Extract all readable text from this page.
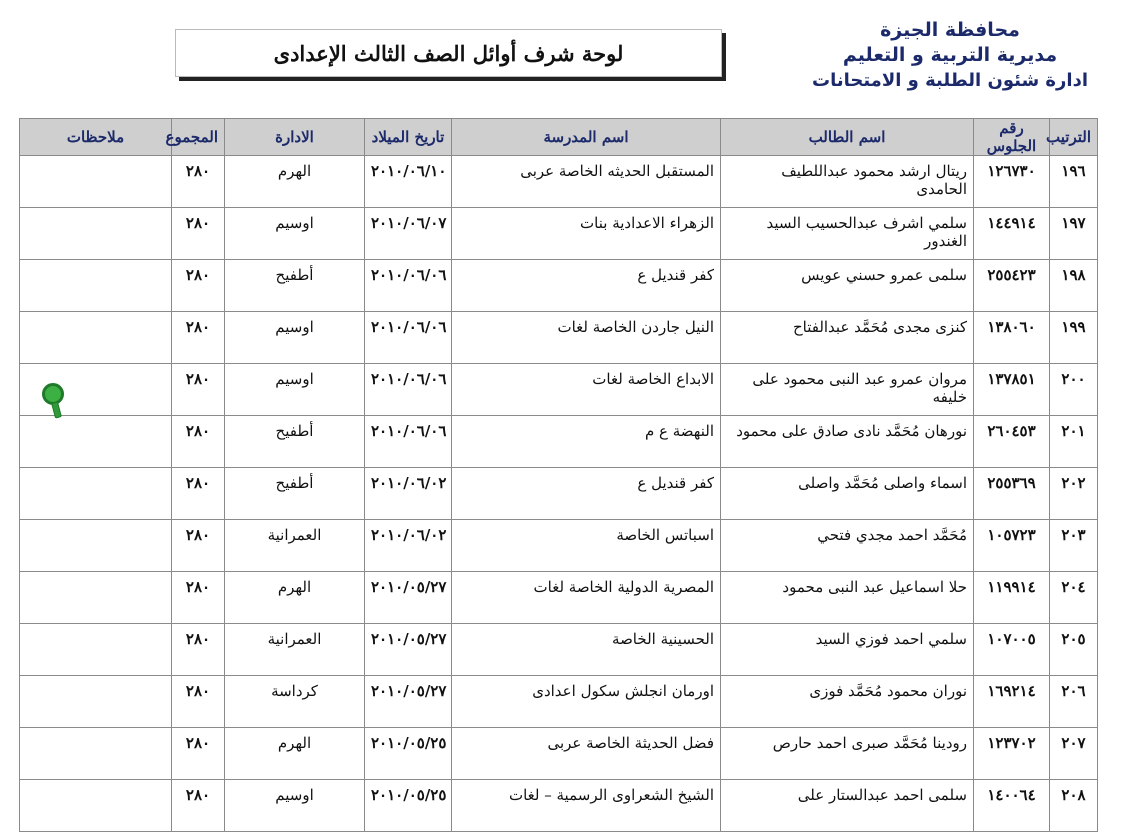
محافظة الجيزة
مديرية التربية و التعليم
ادارة شئون الطلبة و الامتحانات
لوحة شرف أوائل الصف الثالث الإعدادى
الترتيب	رقم الجلوس	اسم الطالب	اسم المدرسة	تاريخ الميلاد	الادارة	المجموع	ملاحظات
١٩٦	١٢٦٧٣٠	ريتال ارشد محمود عبداللطيف الحامدى	المستقبل الحديثه الخاصة عربى	٢٠١٠/٠٦/١٠	الهرم	٢٨٠	
١٩٧	١٤٤٩١٤	سلمي اشرف عبدالحسيب السيد الغندور	الزهراء الاعدادية بنات	٢٠١٠/٠٦/٠٧	اوسيم	٢٨٠	
١٩٨	٢٥٥٤٢٣	سلمى عمرو حسني عويس	كفر قنديل ع	٢٠١٠/٠٦/٠٦	أطفيح	٢٨٠	
١٩٩	١٣٨٠٦٠	كنزى مجدى مُحَمَّد عبدالفتاح	النيل جاردن الخاصة لغات	٢٠١٠/٠٦/٠٦	اوسيم	٢٨٠	
٢٠٠	١٣٧٨٥١	مروان عمرو عبد النبى محمود على خليفه	الابداع الخاصة لغات	٢٠١٠/٠٦/٠٦	اوسيم	٢٨٠	
٢٠١	٢٦٠٤٥٣	نورهان مُحَمَّد نادى صادق على محمود	النهضة ع م	٢٠١٠/٠٦/٠٦	أطفيح	٢٨٠	
٢٠٢	٢٥٥٣٦٩	اسماء واصلى مُحَمَّد واصلى	كفر قنديل ع	٢٠١٠/٠٦/٠٢	أطفيح	٢٨٠	
٢٠٣	١٠٥٧٢٣	مُحَمَّد احمد مجدي فتحي	اسباتس الخاصة	٢٠١٠/٠٦/٠٢	العمرانية	٢٨٠	
٢٠٤	١١٩٩١٤	حلا اسماعيل عبد النبى محمود	المصرية الدولية الخاصة لغات	٢٠١٠/٠٥/٢٧	الهرم	٢٨٠	
٢٠٥	١٠٧٠٠٥	سلمي احمد فوزي السيد	الحسينية الخاصة	٢٠١٠/٠٥/٢٧	العمرانية	٢٨٠	
٢٠٦	١٦٩٢١٤	نوران محمود مُحَمَّد فوزى	اورمان انجلش سكول اعدادى	٢٠١٠/٠٥/٢٧	كرداسة	٢٨٠	
٢٠٧	١٢٣٧٠٢	رودينا مُحَمَّد صبرى احمد حارص	فضل الحديثة الخاصة عربى	٢٠١٠/٠٥/٢٥	الهرم	٢٨٠	
٢٠٨	١٤٠٠٦٤	سلمى احمد عبدالستار على	الشيخ الشعراوى الرسمية – لغات	٢٠١٠/٠٥/٢٥	اوسيم	٢٨٠	
